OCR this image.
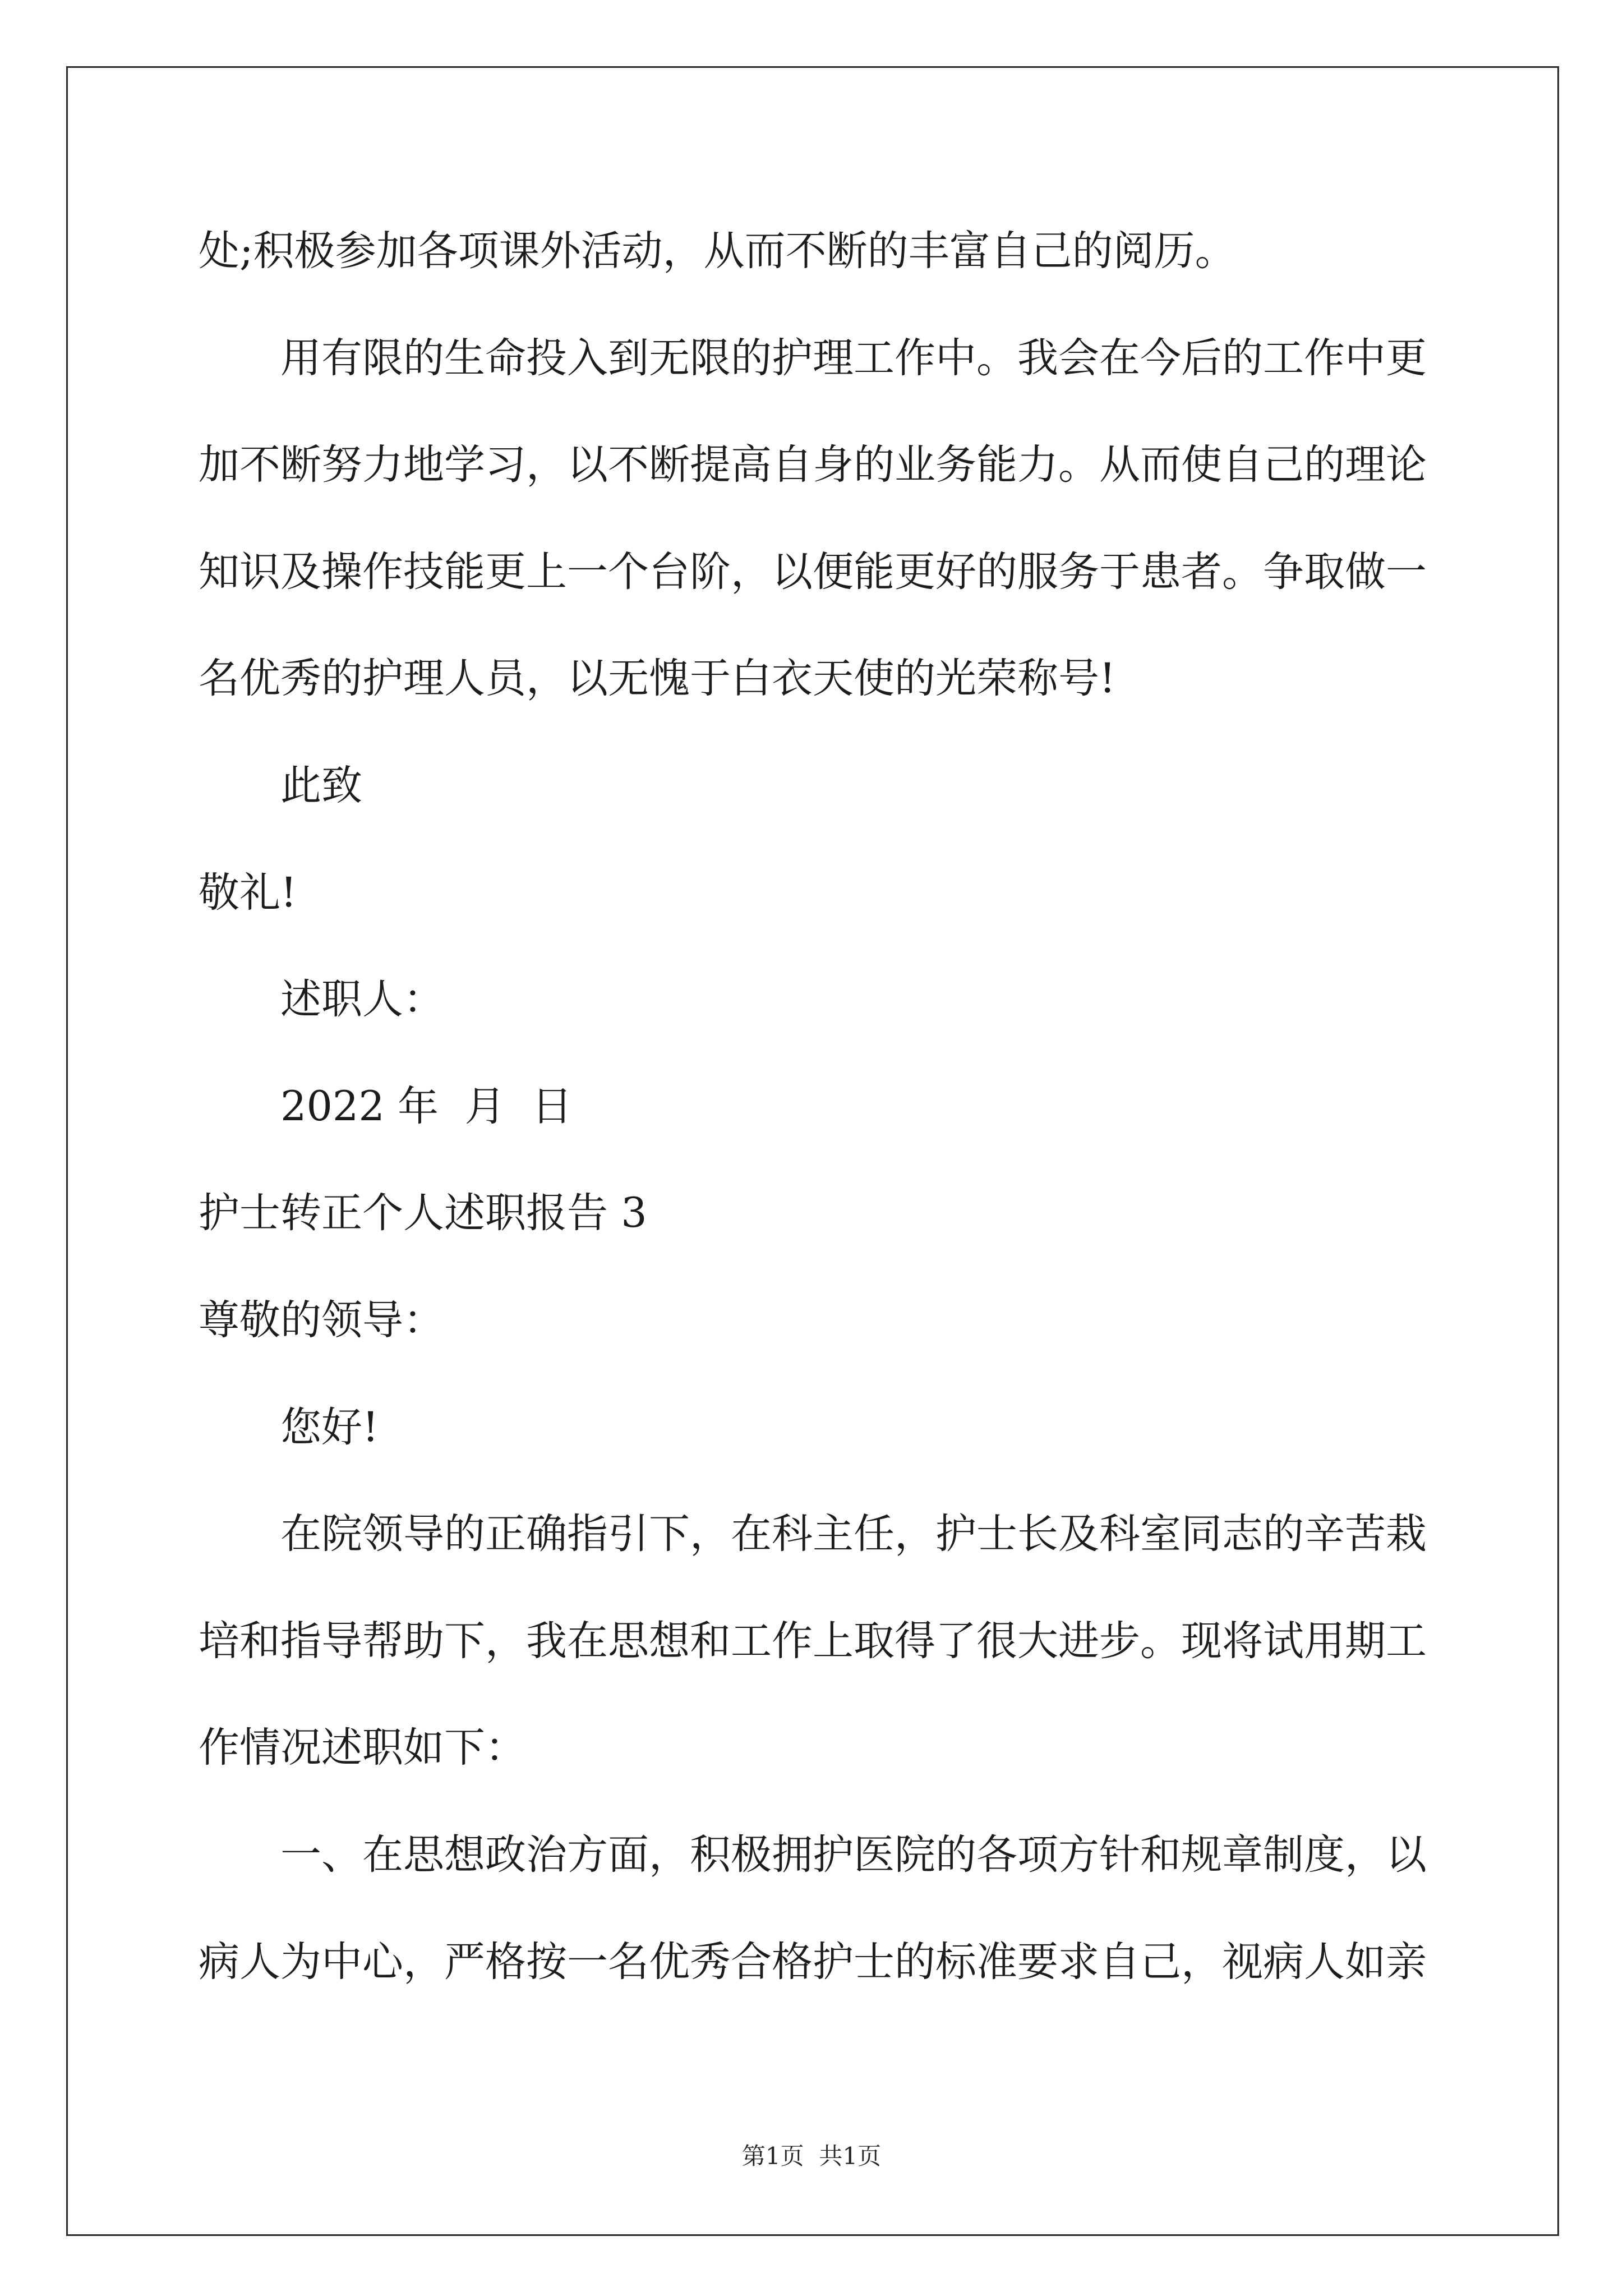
处;积极参加各项课外活动，从而不断的丰富自己的阅历。
用有限的生命投入到无限的护理工作中。我会在今后的工作中更
加不断努力地学习，以不断提高自身的业务能力。从而使自己的理论
知识及操作技能更上一个台阶，以便能更好的服务于患者。争取做一
名优秀的护理人员，以无愧于白衣天使的光荣称号!
此致
敬礼!
述职人：
2022 年  月  日
护士转正个人述职报告 3
尊敬的领导：
您好!
在院领导的正确指引下，在科主任，护士长及科室同志的辛苦栽
培和指导帮助下，我在思想和工作上取得了很大进步。现将试用期工
作情况述职如下：
一、在思想政治方面，积极拥护医院的各项方针和规章制度，以
病人为中心，严格按一名优秀合格护士的标准要求自己，视病人如亲
第1页  共1页
